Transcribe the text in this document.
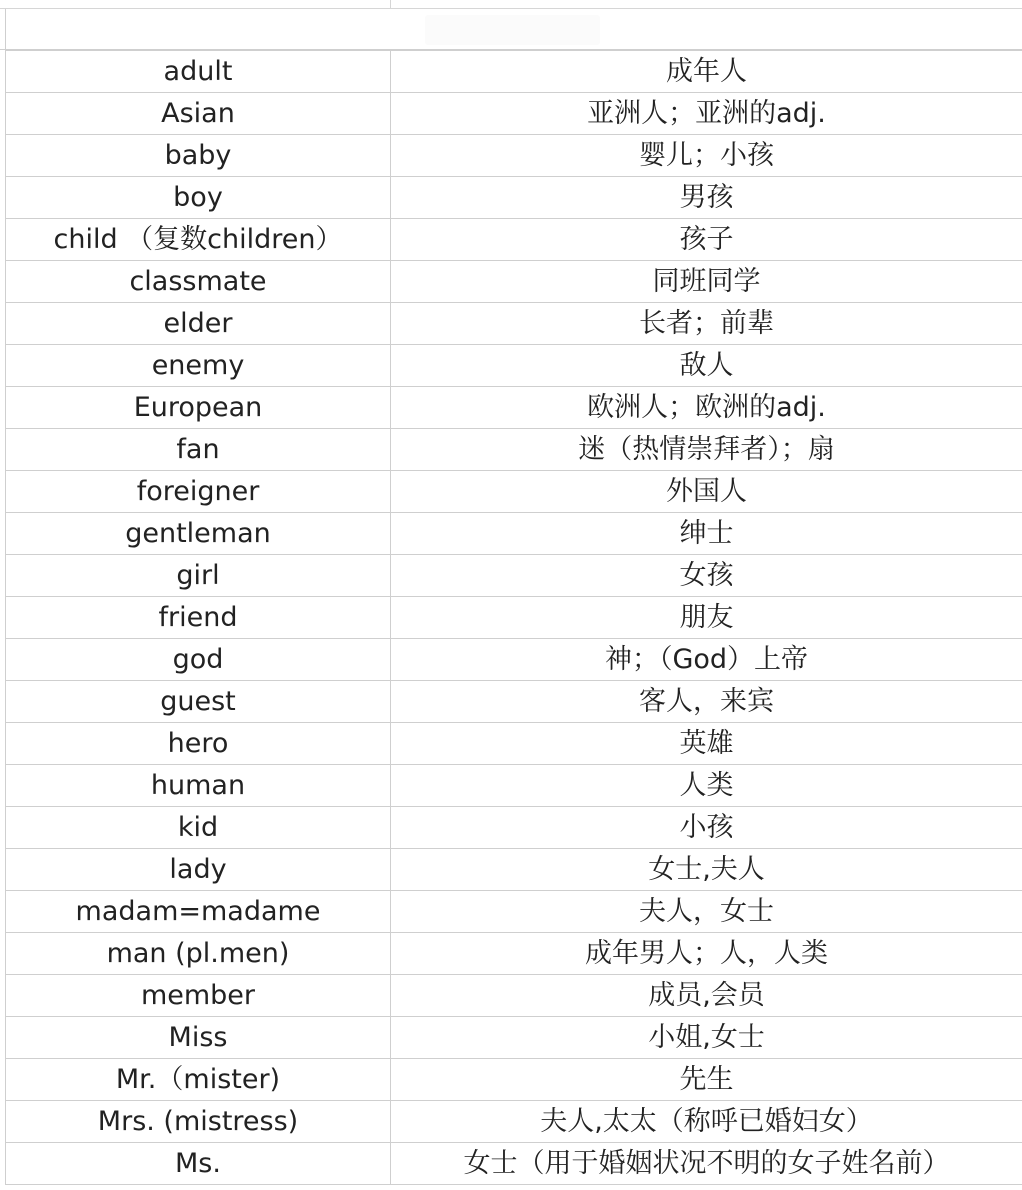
adult	成年人
Asian	亚洲人；亚洲的adj.
baby	婴儿；小孩
boy	男孩
child （复数children）	孩子
classmate	同班同学
elder	长者；前辈
enemy	敌人
European	欧洲人；欧洲的adj.
fan	迷（热情崇拜者）；扇
foreigner	外国人
gentleman	绅士
girl	女孩
friend	朋友
god	神；（God）上帝
guest	客人，来宾
hero	英雄
human	人类
kid	小孩
lady	女士,夫人
madam=madame	夫人，女士
man (pl.men)	成年男人；人，人类
member	成员,会员
Miss	小姐,女士
Mr.（mister)	先生
Mrs. (mistress)	夫人,太太（称呼已婚妇女）
Ms.	女士（用于婚姻状况不明的女子姓名前）
